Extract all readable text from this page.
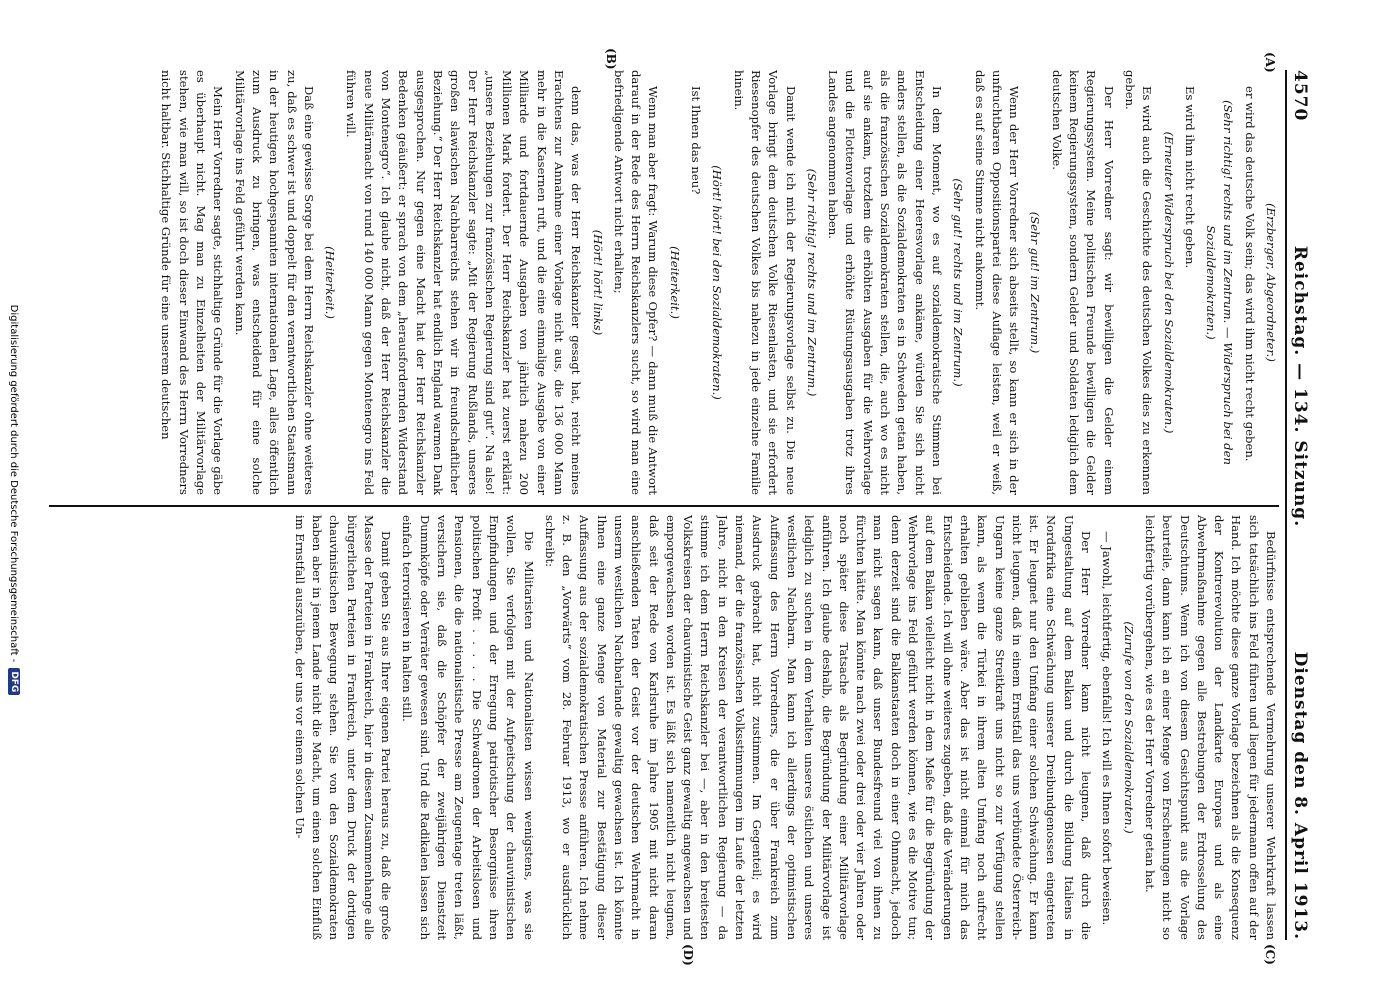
4570
Reichstag. — 134. Sitzung.
Dienstag den 8. April 1913.
(A)
(B)
(C)
(D)

(Erzberger, Abgeordneter.)

er wird das deutsche Volk sein; das wird ihm nicht recht geben.

(Sehr richtig! rechts und im Zentrum. — Widerspruch bei den Sozialdemokraten.)

Es wird ihm nicht recht geben.

(Erneuter Widerspruch bei den Sozialdemokraten.)

Es wird auch die Geschichte des deutschen Volkes dies zu erkennen geben.

Der Herr Vorredner sagt: wir bewilligen die Gelder einem Regierungssystem. Meine politischen Freunde bewilligen die Gelder keinem Regierungssystem, sondern Gelder und Soldaten lediglich dem deutschen Volke.

(Sehr gut! im Zentrum.)

Wenn der Herr Vorredner sich abseits stellt, so kann er sich in der unfruchtbaren Oppositionspartei diese Auflage leisten, weil er weiß, daß es auf seine Stimme nicht ankommt.

(Sehr gut! rechts und im Zentrum.)

In dem Moment, wo es auf sozialdemokratische Stimmen bei Entscheidung einer Heeresvorlage ankäme, würden Sie sich nicht anders stellen, als die Sozialdemokraten es in Schweden getan haben, als die französischen Sozialdemokraten stellen, die, auch wo es nicht auf sie ankam, trotzdem die erhöhten Ausgaben für die Wehrvorlage und die Flottenvorlage und erhöhte Rüstungsausgaben trotz ihres Landes angenommen haben.

(Sehr richtig! rechts und im Zentrum.)

Damit wende ich mich der Regierungsvorlage selbst zu. Die neue Vorlage bringt dem deutschen Volke Riesenlasten, und sie erfordert Riesenopfer des deutschen Volkes bis nahezu in jede einzelne Familie hinein.

(Hört! hört! bei den Sozialdemokraten.)

Ist Ihnen das neu?

(Heiterkeit.)

Wenn man aber fragt: Warum diese Opfer? — dann muß die Antwort darauf in der Rede des Herrn Reichskanzlers sucht, so wird man eine befriedigende Antwort nicht erhalten;

(Hört! hört! links)

denn das, was der Herr Reichskanzler gesagt hat, reicht meines Erachtens zur Annahme einer Vorlage nicht aus, die 136 000 Mann mehr in die Kasernen ruft, und die eine einmalige Ausgabe von einer Milliarde und fortdauernde Ausgaben von jährlich nahezu 200 Millionen Mark fordert. Der Herr Reichskanzler hat zuerst erklärt: „unsere Beziehungen zur französischen Regierung sind gut“. Na also! Der Herr Reichskanzler sagte: „Mit der Regierung Rußlands, unseres großen slawischen Nachbarreichs stehen wir in freundschaftlicher Beziehung.“ Der Herr Reichskanzler hat endlich England warmen Dank ausgesprochen. Nur gegen eine Macht hat der Herr Reichskanzler Bedenken geäußert: er sprach von dem „herausfordernden Widerstand von Montenegro“. Ich glaube nicht, daß der Herr Reichskanzler die neue Militärmacht von rund 140 000 Mann gegen Montenegro ins Feld führen will.

(Heiterkeit.)

Daß eine gewisse Sorge bei dem Herrn Reichskanzler ohne weiteres zu, daß es schwer ist und doppelt für den verantwortlichen Staatsmann in der heutigen hochgespannten internationalen Lage, alles öffentlich zum Ausdruck zu bringen, was entscheidend für eine solche Militärvorlage ins Feld geführt werden kann.

Mein Herr Vorredner sagte, stichhaltige Gründe für die Vorlage gäbe es überhaupt nicht. Mag man zu Einzelheiten der Militärvorlage stehen, wie man will, so ist doch dieser Einwand des Herrn Vorredners nicht haltbar. Stichhaltige Gründe für eine unserem deutschen

Bedürfnisse entsprechende Vermehrung unserer Wehrkraft lassen sich tatsächlich ins Feld führen und liegen für jedermann offen auf der Hand. Ich möchte diese ganze Vorlage bezeichnen als die Konsequenz der Kontrerevolution der Landkarte Europas und als eine Abwehrmaßnahme gegen alle Bestrebungen der Erdrosselung des Deutschtums. Wenn ich von diesem Gesichtspunkt aus die Vorlage beurteile, dann kann ich an einer Menge von Erscheinungen nicht so leichtfertig vorübergehen, wie es der Herr Vorredner getan hat.

(Zurufe von den Sozialdemokraten.)

— Jawohl, leichtfertig, ebenfalls! Ich will es Ihnen sofort beweisen.

Der Herr Vorredner kann nicht leugnen, daß durch die Umgestaltung auf dem Balkan und durch die Bildung Italiens in Nordafrika eine Schwächung unserer Dreibundgenossen eingetreten ist. Er leugnet nur den Umfang einer solchen Schwächung. Er kann nicht leugnen, daß in einem Ernstfall das uns verbündete Österreich-Ungarn keine ganze Streitkraft uns nicht so zur Verfügung stellen kann, als wenn die Türkei in ihrem alten Umfang noch aufrecht erhalten geblieben wäre. Aber das ist nicht einmal für mich das Entscheidende. Ich will ohne weiteres zugeben, daß die Veränderungen auf dem Balkan vielleicht nicht in dem Maße für die Begründung der Wehrvorlage ins Feld geführt werden können, wie es die Motive tun; denn derzeit sind die Balkanstaaten doch in einer Ohnmacht, jedoch man nicht sagen kann, daß unser Bundesfreund viel von ihnen zu fürchten hätte. Man könnte nach zwei oder drei oder vier Jahren oder noch später diese Tatsache als Begründung einer Militärvorlage anführen. Ich glaube deshalb, die Begründung der Militärvorlage ist lediglich zu suchen in dem Verhalten unseres östlichen und unseres westlichen Nachbarn. Man kann ich allerdings der optimistischen Auffassung des Herrn Vorredners, die er über Frankreich zum Ausdruck gebracht hat, nicht zustimmen. Im Gegenteil; es wird niemand, der die französischen Volksstimmungen im Laufe der letzten Jahre, nicht in den Kreisen der verantwortlichen Regierung — da stimme ich dem Herrn Reichskanzler bei —, aber in den breitesten Volkskreisen der chauvinistische Geist ganz gewaltig angewachsen und emporgewachsen worden ist. Es läßt sich namentlich nicht leugnen, daß seit der Rede von Karlsruhe im Jahre 1905 mit nicht daran anschließenden Taten der Geist vor der deutschen Wehrmacht in unserm westlichen Nachbarlande gewaltig gewachsen ist. Ich könnte Ihnen eine ganze Menge von Material zur Bestätigung dieser Auffassung aus der sozialdemokratischen Presse anführen. Ich nehme z. B. den „Vorwärts“ vom 28. Februar 1913, wo er ausdrücklich schreibt:

Die Militaristen und Nationalisten wissen wenigstens, was sie wollen. Sie verfolgen mit der Aufpeitschung der chauvinistischen Empfindungen und der Erregung patriotischer Besorgnisse ihren politischen Profit . . . . . Die Schwadronen der Arbeitslosen und Pensionen, die die nationalistische Presse am Zeugentage treten läßt, versichern sie, daß die Schöpfer der zweijährigen Dienstzeit Dummköpfe oder Verräter gewesen sind. Und die Radikalen lassen sich einfach terrorisieren in halten still.

Damit geben Sie aus Ihrer eigenen Partei heraus zu, daß die große Masse der Parteien in Frankreich, hier in diesem Zusammenhange alle bürgerlichen Parteien in Frankreich, unter dem Druck der dortigen chauvinistischen Bewegung stehen. Sie von den Sozialdemokraten haben aber in jenem Lande nicht die Macht, um einen solchen Einfluß im Ernstfall auszuüben, der uns vor einem solchen Un-

Digitalisierung gefördert durch die Deutsche Forschungsgemeinschaft -
DFG
